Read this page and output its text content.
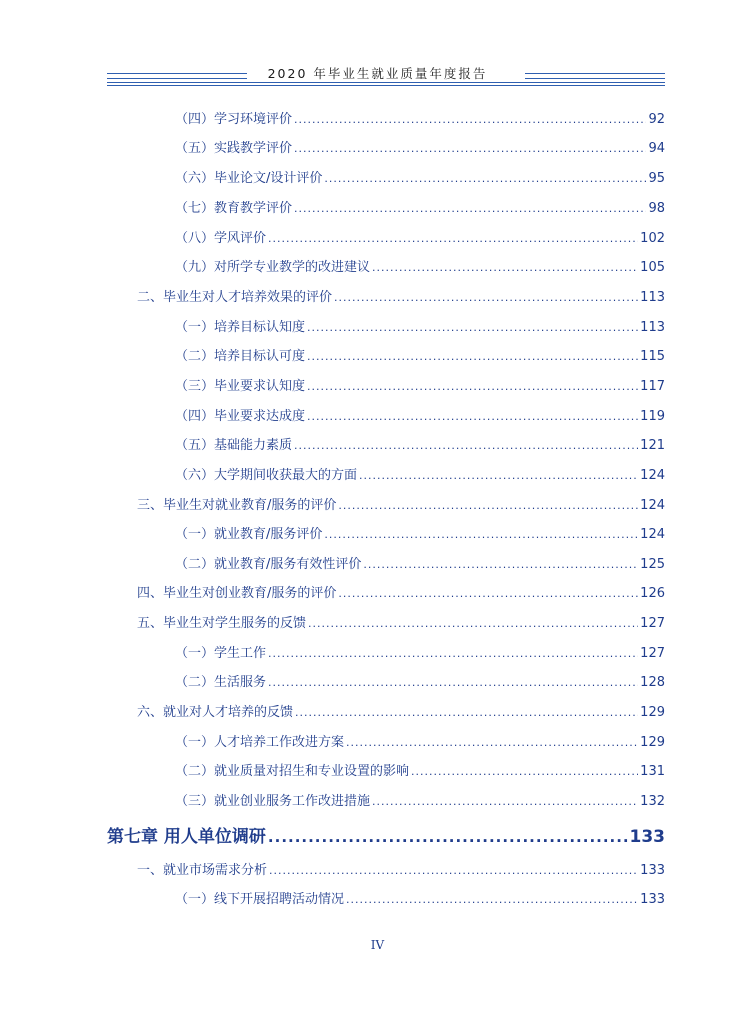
2020 年毕业生就业质量年度报告
（四）学习环境评价 .....	92
（五）实践教学评价 .....	94
（六）毕业论文/设计评价 .....	95
（七）教育教学评价 .....	98
（八）学风评价 .....	102
（九）对所学专业教学的改进建议 .....	105
二、毕业生对人才培养效果的评价 .....	113
（一）培养目标认知度 .....	113
（二）培养目标认可度 .....	115
（三）毕业要求认知度 .....	117
（四）毕业要求达成度 .....	119
（五）基础能力素质 .....	121
（六）大学期间收获最大的方面 .....	124
三、毕业生对就业教育/服务的评价 .....	124
（一）就业教育/服务评价 .....	124
（二）就业教育/服务有效性评价 .....	125
四、毕业生对创业教育/服务的评价 .....	126
五、毕业生对学生服务的反馈 .....	127
（一）学生工作 .....	127
（二）生活服务 .....	128
六、就业对人才培养的反馈 .....	129
（一）人才培养工作改进方案 .....	129
（二）就业质量对招生和专业设置的影响 .....	131
（三）就业创业服务工作改进措施 .....	132
第七章 用人单位调研 .....	133
一、就业市场需求分析 .....	133
（一）线下开展招聘活动情况 .....	133
IV
